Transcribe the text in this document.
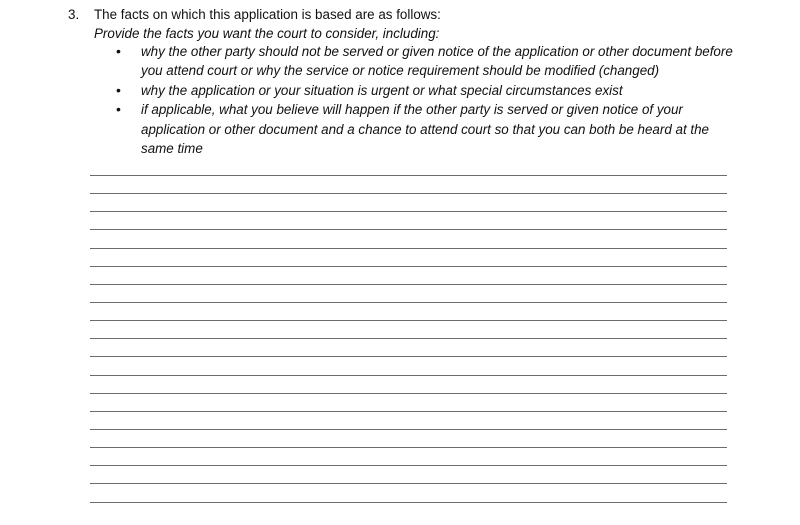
3. The facts on which this application is based are as follows:
Provide the facts you want the court to consider, including:
•	why the other party should not be served or given notice of the application or other document before you attend court or why the service or notice requirement should be modified (changed)
•	why the application or your situation is urgent or what special circumstances exist
•	if applicable, what you believe will happen if the other party is served or given notice of your application or other document and a chance to attend court so that you can both be heard at the same time
